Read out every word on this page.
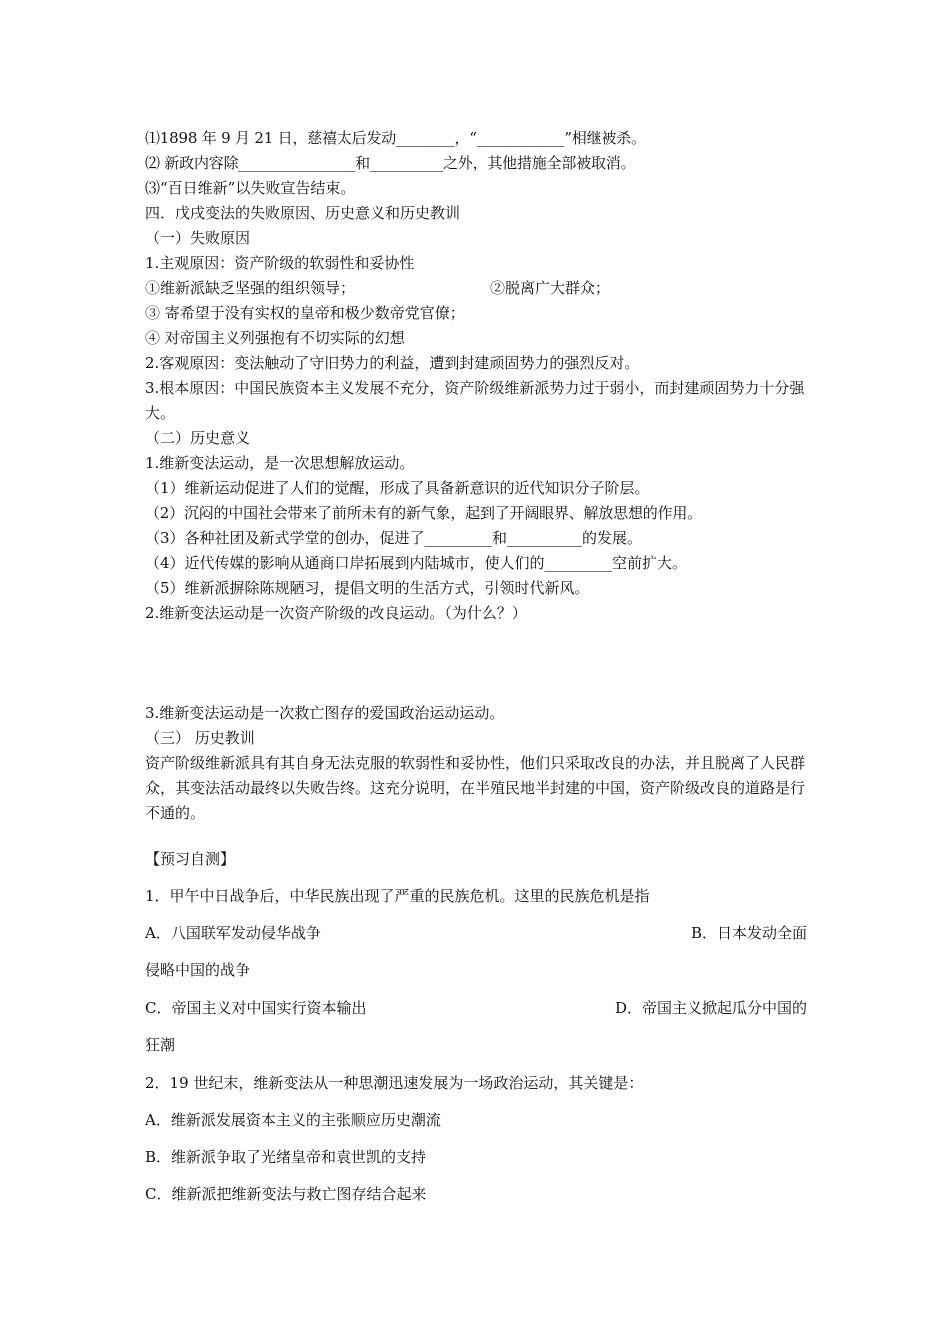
⑴1898 年 9 月 21 日，慈禧太后发动________，“____________”相继被杀。
⑵ 新政内容除________________和__________之外，其他措施全部被取消。
⑶“百日维新”以失败宣告结束。
四．戊戌变法的失败原因、历史意义和历史教训
（一）失败原因
1.主观原因：资产阶级的软弱性和妥协性
①维新派缺乏坚强的组织领导；	②脱离广大群众；
③ 寄希望于没有实权的皇帝和极少数帝党官僚；
④ 对帝国主义列强抱有不切实际的幻想
2.客观原因：变法触动了守旧势力的利益，遭到封建顽固势力的强烈反对。
3.根本原因：中国民族资本主义发展不充分，资产阶级维新派势力过于弱小，而封建顽固势力十分强大。
（二）历史意义
1.维新变法运动，是一次思想解放运动。
（1）维新运动促进了人们的觉醒，形成了具备新意识的近代知识分子阶层。
（2）沉闷的中国社会带来了前所未有的新气象，起到了开阔眼界、解放思想的作用。
（3）各种社团及新式学堂的创办，促进了_________和__________的发展。
（4）近代传媒的影响从通商口岸拓展到内陆城市，使人们的_________空前扩大。
（5）维新派摒除陈规陋习，提倡文明的生活方式，引领时代新风。
2.维新变法运动是一次资产阶级的改良运动。（为什么？）
3.维新变法运动是一次救亡图存的爱国政治运动运动。
（三） 历史教训
资产阶级维新派具有其自身无法克服的软弱性和妥协性，他们只采取改良的办法，并且脱离了人民群众，其变法活动最终以失败告终。这充分说明，在半殖民地半封建的中国，资产阶级改良的道路是行不通的。
【预习自测】
1．甲午中日战争后，中华民族出现了严重的民族危机。这里的民族危机是指
A．八国联军发动侵华战争	B．日本发动全面
侵略中国的战争
C．帝国主义对中国实行资本输出	D．帝国主义掀起瓜分中国的
狂潮
2．19 世纪末，维新变法从一种思潮迅速发展为一场政治运动，其关键是：
A．维新派发展资本主义的主张顺应历史潮流
B．维新派争取了光绪皇帝和袁世凯的支持
C．维新派把维新变法与救亡图存结合起来
